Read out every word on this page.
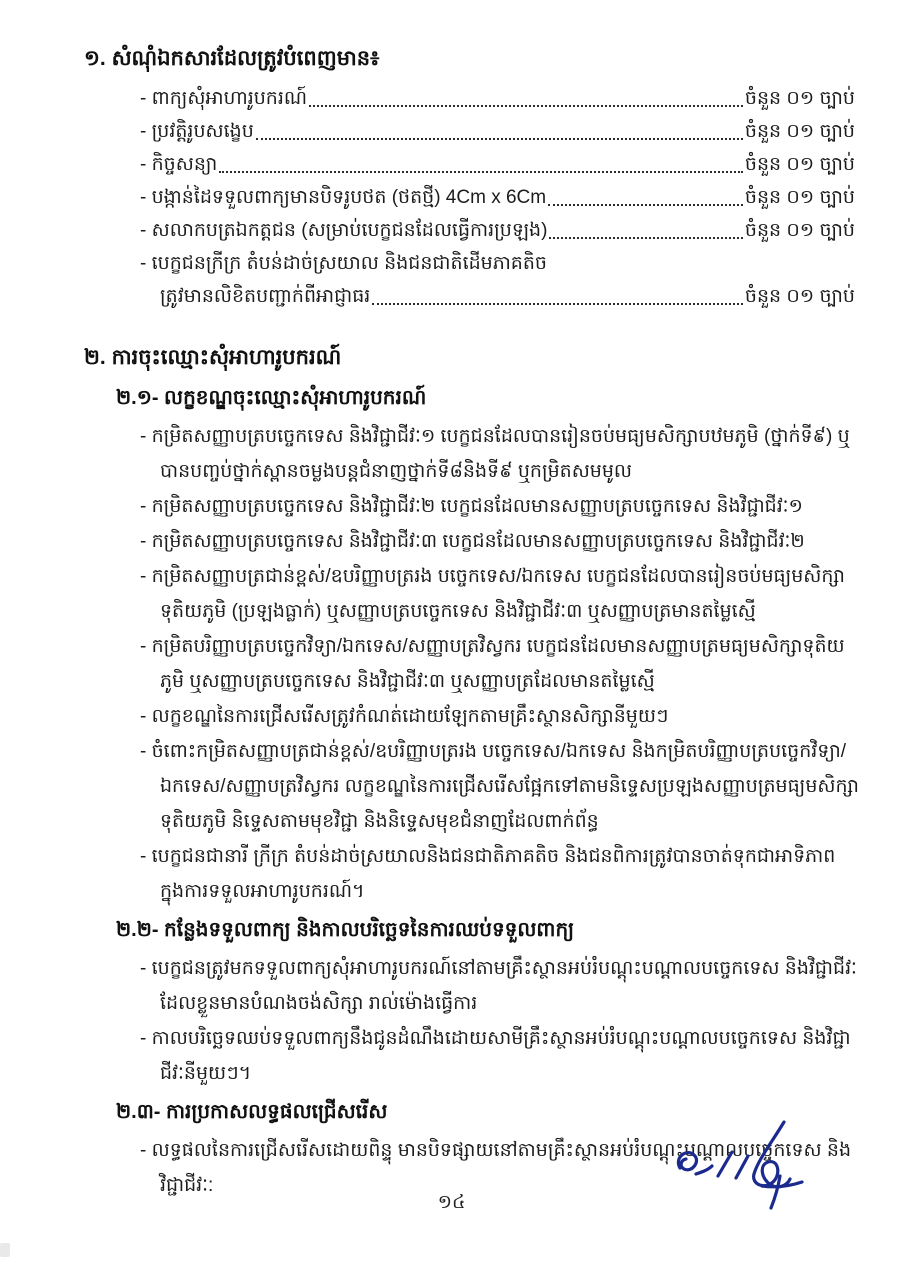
១. សំណុំឯកសារដែលត្រូវបំពេញមាន៖
- ពាក្យសុំអាហារូបករណ៍	ចំនួន ០១ ច្បាប់
- ប្រវត្តិរូបសង្ខេប	ចំនួន ០១ ច្បាប់
- កិច្ចសន្យា	ចំនួន ០១ ច្បាប់
- បង្កាន់ដៃទទួលពាក្យមានបិទរូបថត (ថតថ្មី) 4Cm x 6Cm	ចំនួន ០១ ច្បាប់
- សលាកបត្រឯកត្តជន (សម្រាប់បេក្ខជនដែលធ្វើការប្រឡង)	ចំនួន ០១ ច្បាប់
- បេក្ខជនក្រីក្រ តំបន់ដាច់ស្រយាល និងជនជាតិដើមភាគតិច
ត្រូវមានលិខិតបញ្ជាក់ពីអាជ្ញាធរ	ចំនួន ០១ ច្បាប់
២. ការចុះឈ្មោះសុំអាហារូបករណ៍
២.១- លក្ខខណ្ឌចុះឈ្មោះសុំអាហារូបករណ៍

- កម្រិតសញ្ញាបត្របច្ចេកទេស និងវិជ្ជាជីវៈ១ បេក្ខជនដែលបានរៀនចប់មធ្យមសិក្សាបឋមភូមិ (ថ្នាក់ទី៩) ឬបានបញ្ចប់ថ្នាក់ស្ពានចម្លងបន្តជំនាញថ្នាក់ទី៨និងទី៩ ឬកម្រិតសមមូល

- កម្រិតសញ្ញាបត្របច្ចេកទេស និងវិជ្ជាជីវៈ២ បេក្ខជនដែលមានសញ្ញាបត្របច្ចេកទេស និងវិជ្ជាជីវៈ១

- កម្រិតសញ្ញាបត្របច្ចេកទេស និងវិជ្ជាជីវៈ៣ បេក្ខជនដែលមានសញ្ញាបត្របច្ចេកទេស និងវិជ្ជាជីវៈ២

- កម្រិតសញ្ញាបត្រជាន់ខ្ពស់/ឧបរិញ្ញាបត្ររង បច្ចេកទេស/ឯកទេស បេក្ខជនដែលបានរៀនចប់មធ្យមសិក្សាទុតិយភូមិ (ប្រឡងធ្លាក់) ឬសញ្ញាបត្របច្ចេកទេស និងវិជ្ជាជីវៈ៣ ឬសញ្ញាបត្រមានតម្លៃស្មើ

- កម្រិតបរិញ្ញាបត្របច្ចេកវិទ្យា/ឯកទេស/សញ្ញាបត្រវិស្វករ បេក្ខជនដែលមានសញ្ញាបត្រមធ្យមសិក្សាទុតិយភូមិ ឬសញ្ញាបត្របច្ចេកទេស និងវិជ្ជាជីវៈ៣ ឬសញ្ញាបត្រដែលមានតម្លៃស្មើ

- លក្ខខណ្ឌនៃការជ្រើសរើសត្រូវកំណត់ដោយឡែកតាមគ្រឹះស្ថានសិក្សានីមួយៗ

- ចំពោះកម្រិតសញ្ញាបត្រជាន់ខ្ពស់/ឧបរិញ្ញាបត្ររង បច្ចេកទេស/ឯកទេស និងកម្រិតបរិញ្ញាបត្របច្ចេកវិទ្យា/ឯកទេស/សញ្ញាបត្រវិស្វករ លក្ខខណ្ឌនៃការជ្រើសរើសផ្អែកទៅតាមនិទ្ទេសប្រឡងសញ្ញាបត្រមធ្យមសិក្សាទុតិយភូមិ និទ្ទេសតាមមុខវិជ្ជា និងនិទ្ទេសមុខជំនាញដែលពាក់ព័ន្ធ

- បេក្ខជនជានារី ក្រីក្រ តំបន់ដាច់ស្រយាលនិងជនជាតិភាគតិច និងជនពិការត្រូវបានចាត់ទុកជាអាទិភាពក្នុងការទទួលអាហារូបករណ៍។

២.២- កន្លែងទទួលពាក្យ និងកាលបរិច្ឆេទនៃការឈប់ទទួលពាក្យ

- បេក្ខជនត្រូវមកទទួលពាក្យសុំអាហារូបករណ៍នៅតាមគ្រឹះស្ថានអប់រំបណ្តុះបណ្តាលបច្ចេកទេស និងវិជ្ជាជីវៈដែលខ្លួនមានបំណងចង់សិក្សា រាល់ម៉ោងធ្វើការ

- កាលបរិច្ឆេទឈប់ទទួលពាក្យនឹងជូនដំណឹងដោយសាមីគ្រឹះស្ថានអប់រំបណ្តុះបណ្តាលបច្ចេកទេស និងវិជ្ជាជីវៈនីមួយៗ។

២.៣- ការប្រកាសលទ្ធផលជ្រើសរើស

- លទ្ធផលនៃការជ្រើសរើសដោយពិន្ទុ មានបិទផ្សាយនៅតាមគ្រឹះស្ថានអប់រំបណ្តុះបណ្តាលបច្ចេកទេស និងវិជ្ជាជីវៈ:

១៤
